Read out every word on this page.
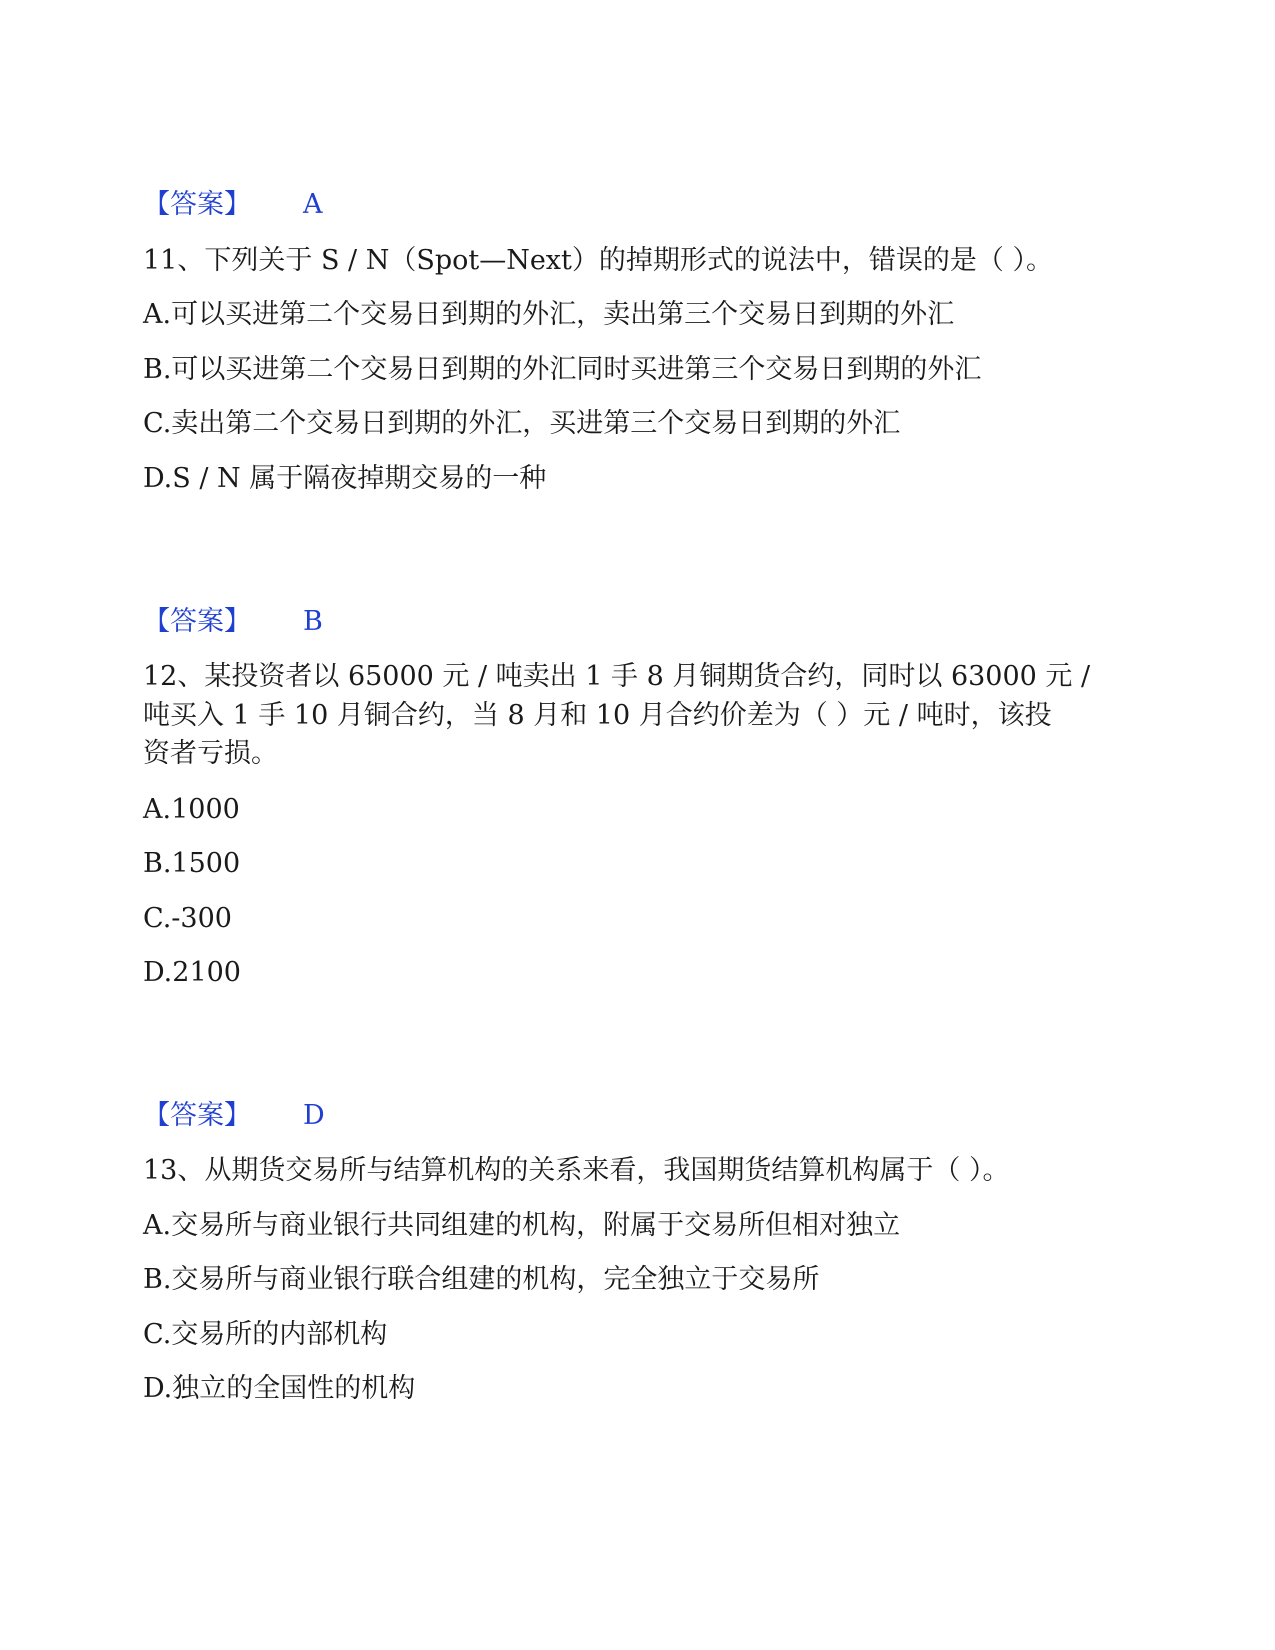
【答案】 A
11、下列关于 S / N（Spot—Next）的掉期形式的说法中，错误的是（ ）。
A.可以买进第二个交易日到期的外汇，卖出第三个交易日到期的外汇
B.可以买进第二个交易日到期的外汇同时买进第三个交易日到期的外汇
C.卖出第二个交易日到期的外汇，买进第三个交易日到期的外汇
D.S / N 属于隔夜掉期交易的一种
【答案】 B
12、某投资者以 65000 元 / 吨卖出 1 手 8 月铜期货合约，同时以 63000 元 /
吨买入 1 手 10 月铜合约，当 8 月和 10 月合约价差为（ ）元 / 吨时，该投
资者亏损。
A.1000
B.1500
C.-300
D.2100
【答案】 D
13、从期货交易所与结算机构的关系来看，我国期货结算机构属于（ ）。
A.交易所与商业银行共同组建的机构，附属于交易所但相对独立
B.交易所与商业银行联合组建的机构，完全独立于交易所
C.交易所的内部机构
D.独立的全国性的机构
